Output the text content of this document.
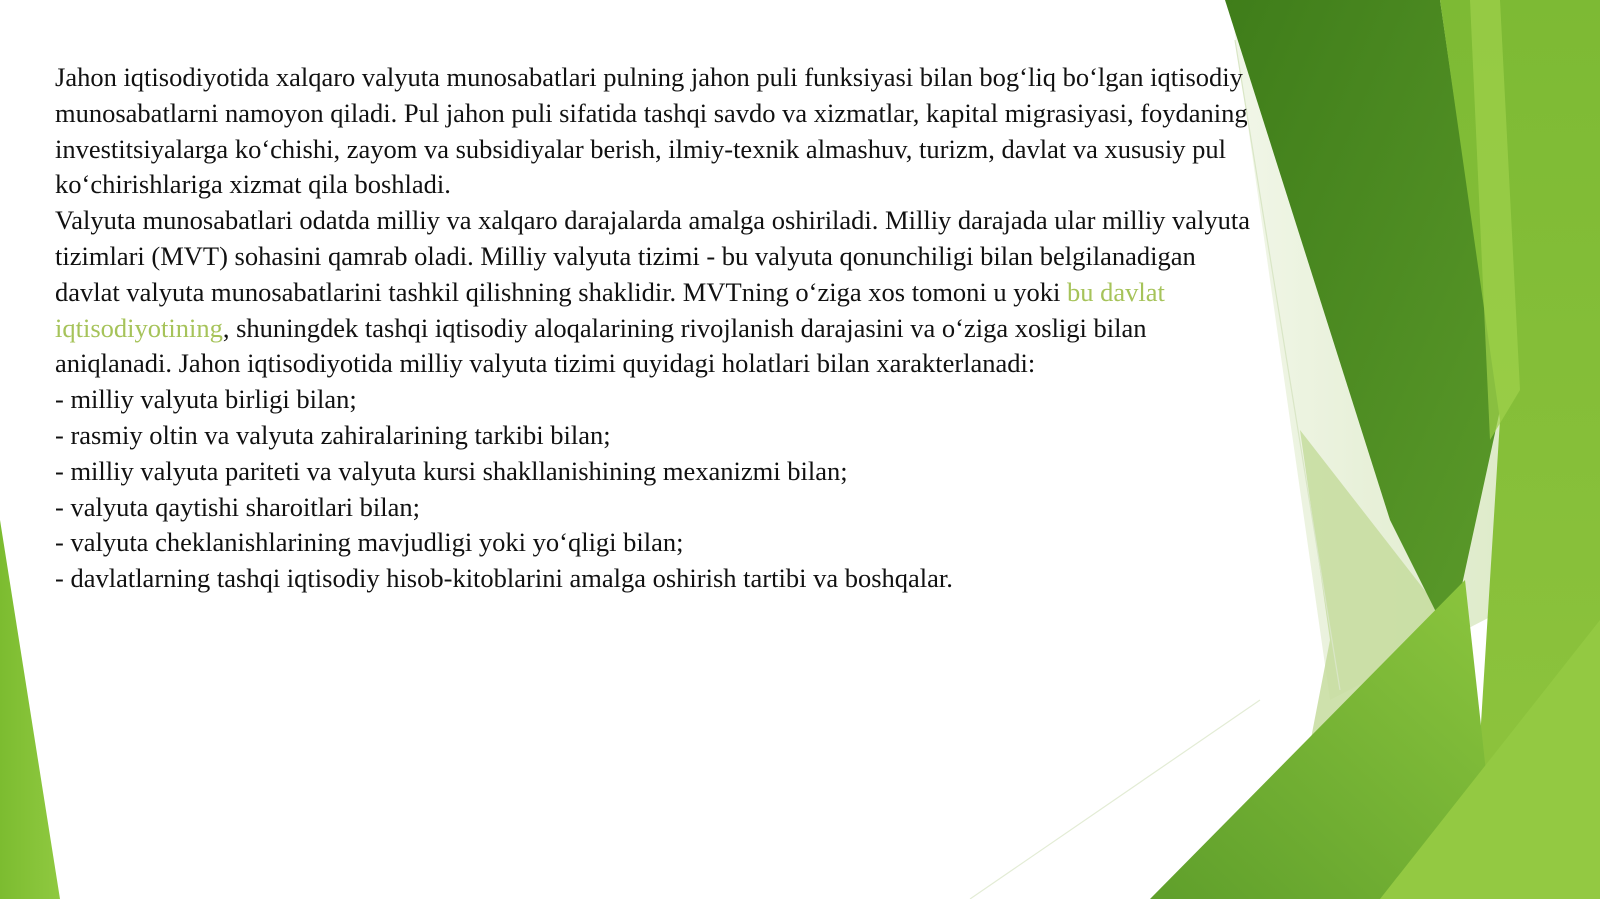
Jahon iqtisodiyotida xalqaro valyuta munosabatlari pulning jahon puli funksiyasi bilan bog‘liq bo‘lgan iqtisodiy munosabatlarni namoyon qiladi. Pul jahon puli sifatida tashqi savdo va xizmatlar, kapital migrasiyasi, foydaning investitsiyalarga ko‘chishi, zayom va subsidiyalar berish, ilmiy-texnik almashuv, turizm, davlat va xususiy pul ko‘chirishlariga xizmat qila boshladi.

Valyuta munosabatlari odatda milliy va xalqaro darajalarda amalga oshiriladi. Milliy darajada ular milliy valyuta tizimlari (MVT) sohasini qamrab oladi. Milliy valyuta tizimi - bu valyuta qonunchiligi bilan belgilanadigan davlat valyuta munosabatlarini tashkil qilishning shaklidir. MVTning o‘ziga xos tomoni u yoki bu davlat iqtisodiyotining, shuningdek tashqi iqtisodiy aloqalarining rivojlanish darajasini va o‘ziga xosligi bilan aniqlanadi. Jahon iqtisodiyotida milliy valyuta tizimi quyidagi holatlari bilan xarakterlanadi:

- milliy valyuta birligi bilan;

- rasmiy oltin va valyuta zahiralarining tarkibi bilan;

- milliy valyuta pariteti va valyuta kursi shakllanishining mexanizmi bilan;

- valyuta qaytishi sharoitlari bilan;

- valyuta cheklanishlarining mavjudligi yoki yo‘qligi bilan;

- davlatlarning tashqi iqtisodiy hisob-kitoblarini amalga oshirish tartibi va boshqalar.
